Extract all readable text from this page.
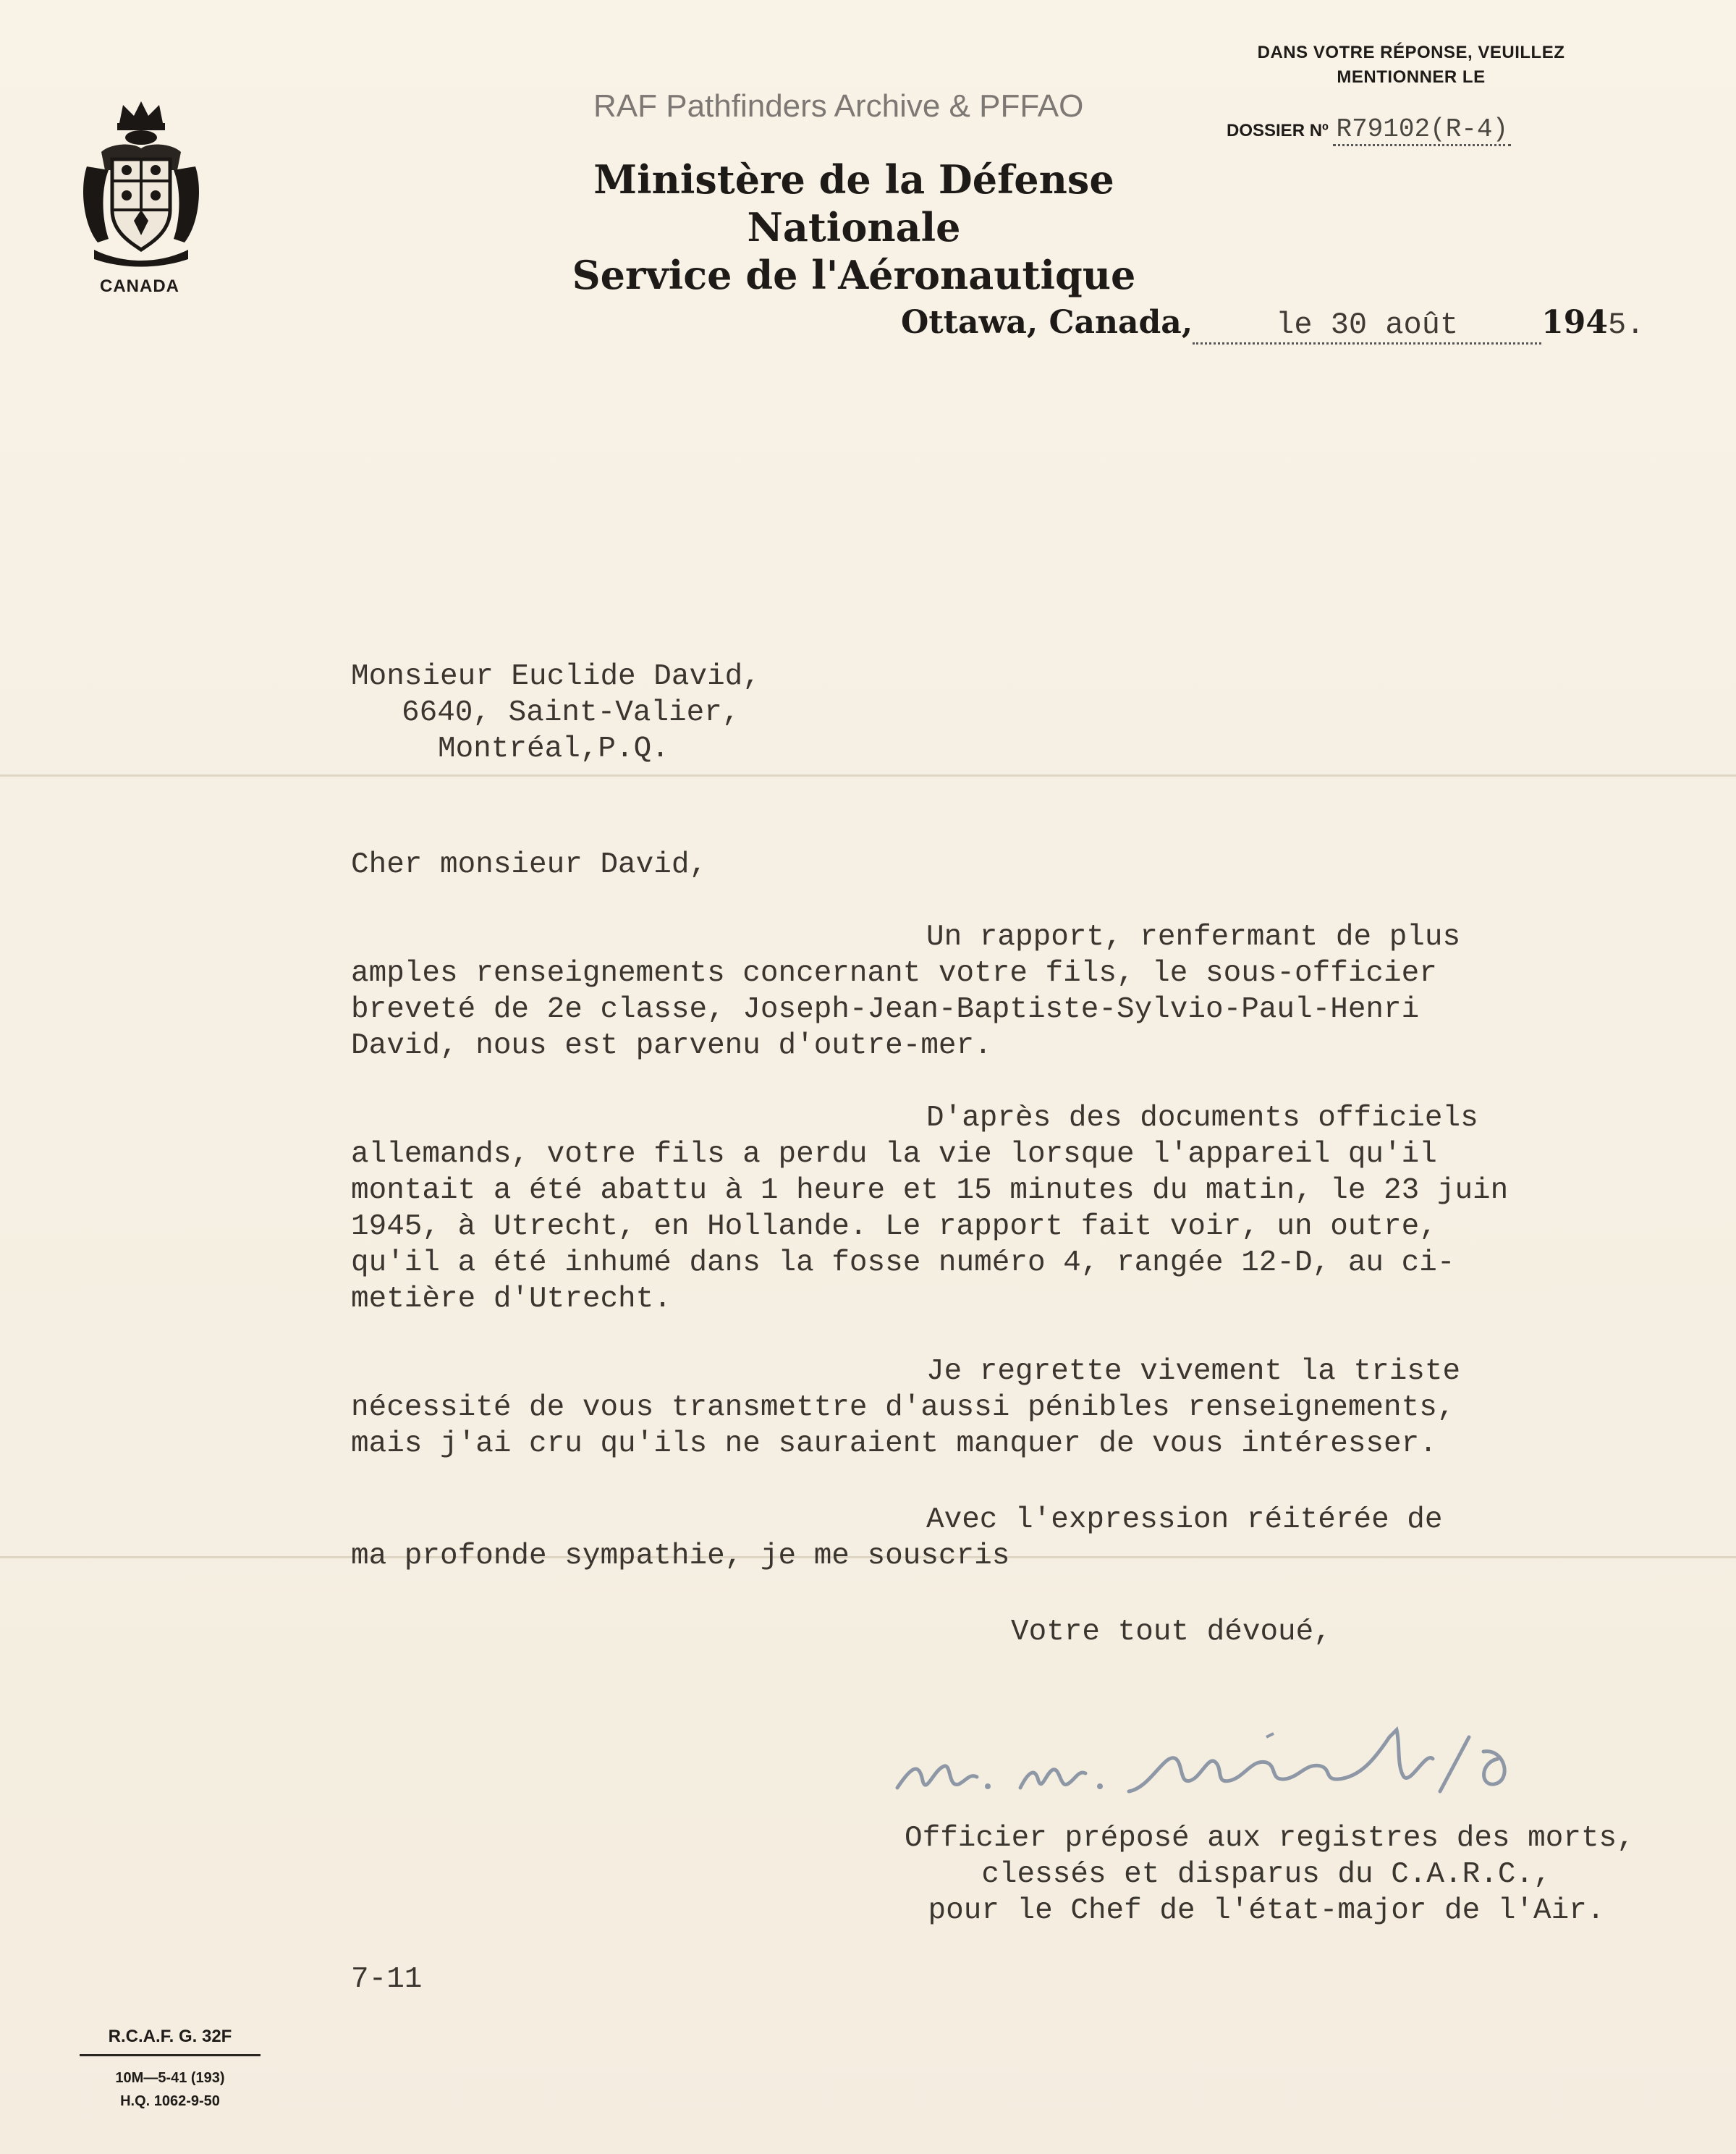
CANADA
RAF Pathfinders Archive & PFFAO
Ministère de la Défense Nationale
Service de l'Aéronautique
DANS VOTRE RÉPONSE, VEUILLEZ
MENTIONNER LE
DOSSIER Nº R79102(R-4)
Ottawa, Canada,	le 30 août	1945.
Monsieur Euclide David,
6640, Saint-Valier,
Montréal,P.Q.
Cher monsieur David,
Un rapport, renfermant de plus
amples renseignements concernant votre fils, le sous-officier
breveté de 2e classe, Joseph-Jean-Baptiste-Sylvio-Paul-Henri
David, nous est parvenu d'outre-mer.
D'après des documents officiels
allemands, votre fils a perdu la vie lorsque l'appareil qu'il
montait a été abattu à 1 heure et 15 minutes du matin, le 23 juin
1945, à Utrecht, en Hollande. Le rapport fait voir, un outre,
qu'il a été inhumé dans la fosse numéro 4, rangée 12-D, au ci-
metière d'Utrecht.
Je regrette vivement la triste
nécessité de vous transmettre d'aussi pénibles renseignements,
mais j'ai cru qu'ils ne sauraient manquer de vous intéresser.
Avec l'expression réitérée de
ma profonde sympathie, je me souscris
Votre tout dévoué,
Officier préposé aux registres des morts,
clessés et disparus du C.A.R.C.,
pour le Chef de l'état-major de l'Air.
7-11
R.C.A.F. G. 32F
10M—5-41 (193)
H.Q. 1062-9-50
